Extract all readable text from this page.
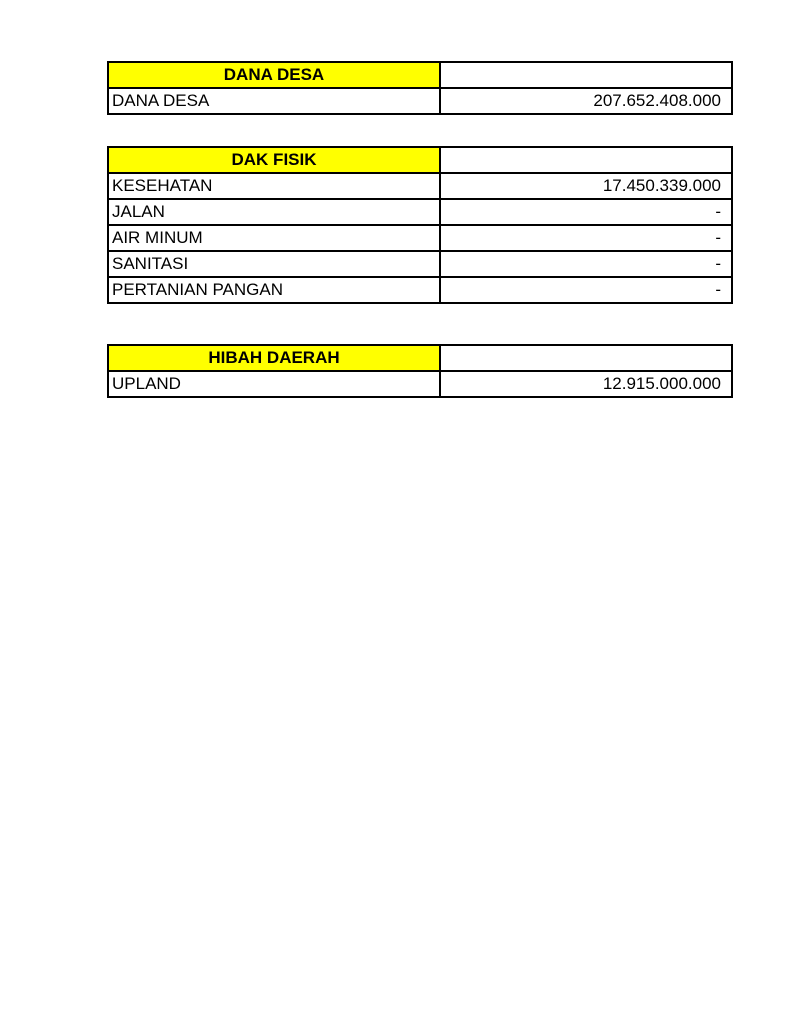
DANA DESA	
DANA DESA	207.652.408.000
DAK FISIK	
KESEHATAN	17.450.339.000
JALAN	-
AIR MINUM	-
SANITASI	-
PERTANIAN PANGAN	-
HIBAH DAERAH	
UPLAND	12.915.000.000
